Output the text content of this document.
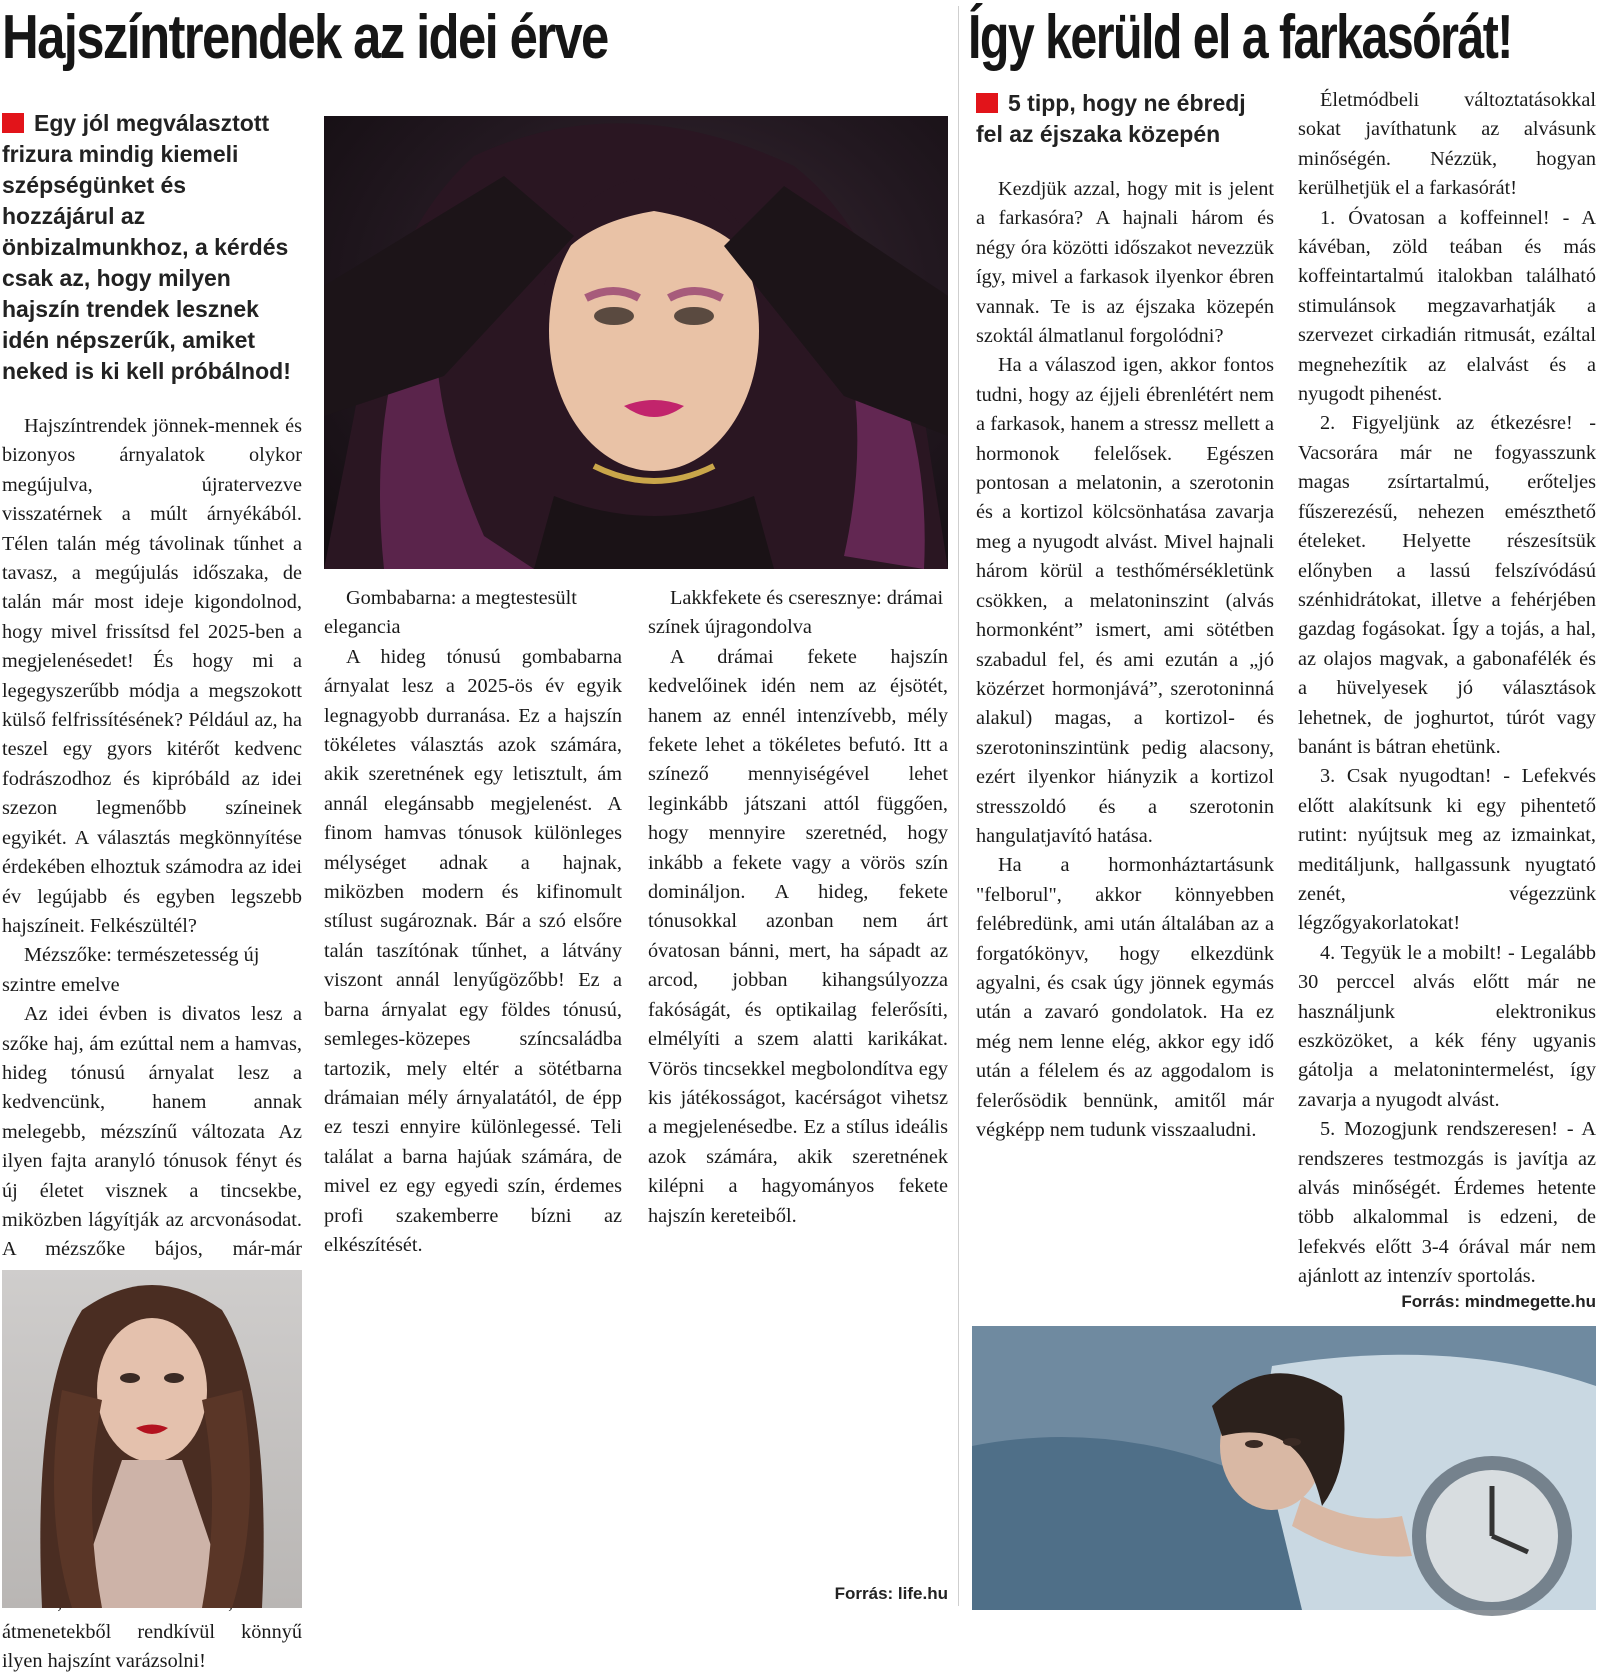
Hajszíntrendek az idei érve	Így kerüld el a farkasórát!
Egy jól megválasztott frizura mindig kiemeli szépségünket és hozzájárul az önbizalmunkhoz, a kérdés csak az, hogy milyen hajszín trendek lesznek idén népszerűk, amiket neked is ki kell próbálnod!
5 tipp, hogy ne ébredj fel az éjszaka közepén

Hajszíntrendek jönnek-mennek és bizonyos árnyalatok olykor megújulva, újratervezve visszatérnek a múlt árnyékából. Télen talán még távolinak tűnhet a tavasz, a megújulás időszaka, de talán már most ideje kigondolnod, hogy mivel frissítsd fel 2025-ben a megjelenésedet! És hogy mi a legegyszerűbb módja a megszokott külső felfrissítésének? Például az, ha teszel egy gyors kitérőt kedvenc fodrászodhoz és kipróbáld az idei szezon legmenőbb színeinek egyikét. A választás megkönnyítése érdekében elhoztuk számodra az idei év legújabb és egyben legszebb hajszíneit. Felkészültél?

Mézszőke: természetesség új szintre emelve

Az idei évben is divatos lesz a szőke haj, ám ezúttal nem a hamvas, hideg tónusú árnyalat lesz a kedvencünk, hanem annak melegebb, mézszínű változata Az ilyen fajta aranyló tónusok fényt és új életet visznek a tincsekbe, miközben lágyítják az arcvonásodat. A mézszőke bájos, már-már átmenetekből rendkívül könnyű ilyen hajszínt varázsolni!

Gombabarna: a megtestesült elegancia

A hideg tónusú gombabarna árnyalat lesz a 2025-ös év egyik legnagyobb durranása. Ez a hajszín tökéletes választás azok számára, akik szeretnének egy letisztult, ám annál elegánsabb megjelenést. A finom hamvas tónusok különleges mélységet adnak a hajnak, miközben modern és kifinomult stílust sugároznak. Bár a szó elsőre talán taszítónak tűnhet, a látvány viszont annál lenyűgözőbb! Ez a barna árnyalat egy földes tónusú, semleges-közepes színcsaládba tartozik, mely eltér a sötétbarna drámaian mély árnyalatától, de épp ez teszi ennyire különlegessé. Teli találat a barna hajúak számára, de mivel ez egy egyedi szín, érdemes profi szakemberre bízni az elkészítését.

Lakkfekete és cseresznye: drámai színek újragondolva

A drámai fekete hajszín kedvelőinek idén nem az éjsötét, hanem az ennél intenzívebb, mély fekete lehet a tökéletes befutó. Itt a színező mennyiségével lehet leginkább játszani attól függően, hogy mennyire szeretnéd, hogy inkább a fekete vagy a vörös szín domináljon. A hideg, fekete tónusokkal azonban nem árt óvatosan bánni, mert, ha sápadt az arcod, jobban kihangsúlyozza fakóságát, és optikailag felerősíti, elmélyíti a szem alatti karikákat. Vörös tincsekkel megbolondítva egy kis játékosságot, kacérságot vihetsz a megjelenésedbe. Ez a stílus ideális azok számára, akik szeretnének kilépni a hagyományos fekete hajszín kereteiből.

Forrás: life.hu

Kezdjük azzal, hogy mit is jelent a farkasóra? A hajnali három és négy óra közötti időszakot nevezzük így, mivel a farkasok ilyenkor ébren vannak. Te is az éjszaka közepén szoktál álmatlanul forgolódni?

Ha a válaszod igen, akkor fontos tudni, hogy az éjjeli ébrenlétért nem a farkasok, hanem a stressz mellett a hormonok felelősek. Egészen pontosan a melatonin, a szerotonin és a kortizol kölcsönhatása zavarja meg a nyugodt alvást. Mivel hajnali három körül a testhőmérsékletünk csökken, a melatoninszint (alvás hormonként” ismert, ami sötétben szabadul fel, és ami ezután a „jó közérzet hormonjává”, szerotoninná alakul) magas, a kortizol- és szerotoninszintünk pedig alacsony, ezért ilyenkor hiányzik a kortizol stresszoldó és a szerotonin hangulatjavító hatása.

Ha a hormonháztartásunk "felborul", akkor könnyebben felébredünk, ami után általában az a forgatókönyv, hogy elkezdünk agyalni, és csak úgy jönnek egymás után a zavaró gondolatok. Ha ez még nem lenne elég, akkor egy idő után a félelem és az aggodalom is felerősödik bennünk, amitől már végképp nem tudunk visszaaludni.

Életmódbeli változtatásokkal sokat javíthatunk az alvásunk minőségén. Nézzük, hogyan kerülhetjük el a farkasórát!

1. Óvatosan a koffeinnel! - A kávéban, zöld teában és más koffeintartalmú italokban található stimulánsok megzavarhatják a szervezet cirkadián ritmusát, ezáltal megnehezítik az elalvást és a nyugodt pihenést.

2. Figyeljünk az étkezésre! - Vacsorára már ne fogyasszunk magas zsírtartalmú, erőteljes fűszerezésű, nehezen emészthető ételeket. Helyette részesítsük előnyben a lassú felszívódású szénhidrátokat, illetve a fehérjében gazdag fogásokat. Így a tojás, a hal, az olajos magvak, a gabonafélék és a hüvelyesek jó választások lehetnek, de joghurtot, túrót vagy banánt is bátran ehetünk.

3. Csak nyugodtan! - Lefekvés előtt alakítsunk ki egy pihentető rutint: nyújtsuk meg az izmainkat, meditáljunk, hallgassunk nyugtató zenét, végezzünk légzőgyakorlatokat!

4. Tegyük le a mobilt! - Legalább 30 perccel alvás előtt már ne használjunk elektronikus eszközöket, a kék fény ugyanis gátolja a melatonintermelést, így zavarja a nyugodt alvást.

5. Mozogjunk rendszeresen! - A rendszeres testmozgás is javítja az alvás minőségét. Érdemes hetente több alkalommal is edzeni, de lefekvés előtt 3-4 órával már nem ajánlott az intenzív sportolás.

Forrás: mindmegette.hu
